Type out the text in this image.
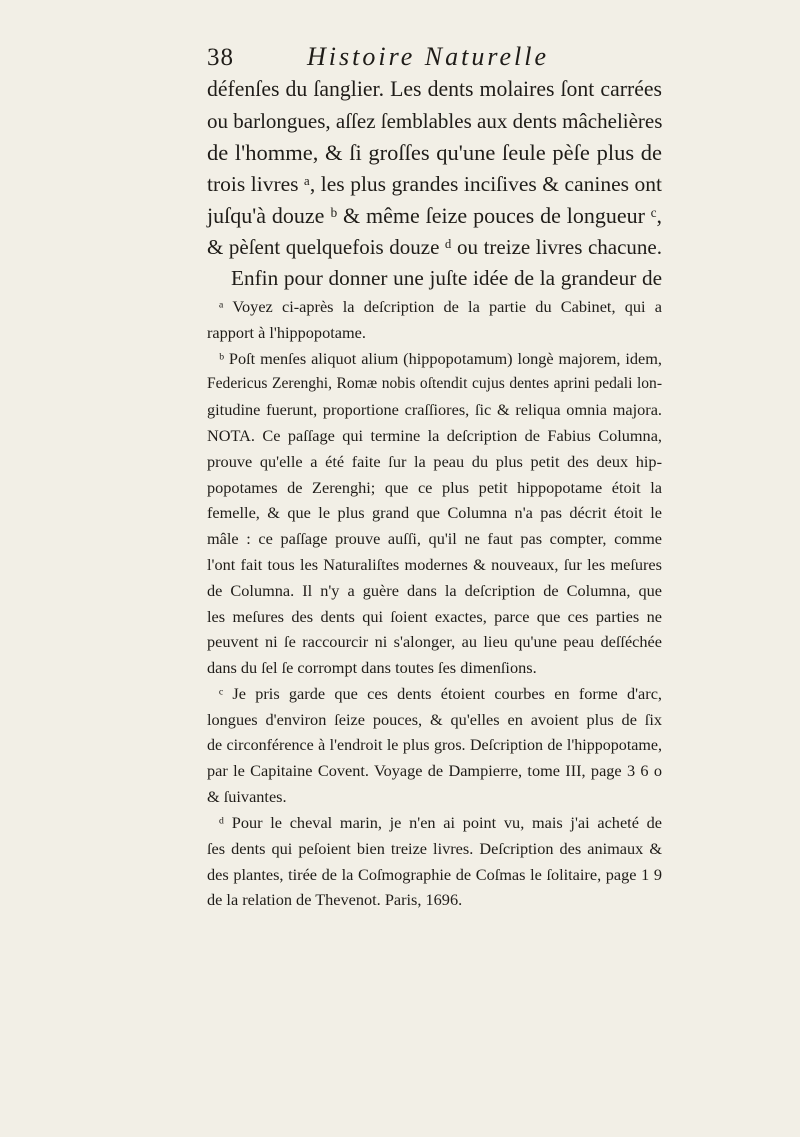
38	Histoire Naturelle
défenſes du ſanglier. Les dents molaires ſont carrées
ou barlongues, aſſez ſemblables aux dents mâchelières
de l'homme, & ſi groſſes qu'une ſeule pèſe plus de
trois livres ᵃ, les plus grandes inciſives & canines ont
juſqu'à douze ᵇ & même ſeize pouces de longueur ᶜ,
& pèſent quelquefois douze ᵈ ou treize livres chacune.
Enfin pour donner une juſte idée de la grandeur de
ᵃ Voyez ci-après la deſcription de la partie du Cabinet, qui a
rapport à l'hippopotame.
ᵇ Poſt menſes aliquot alium (hippopotamum) longè majorem, idem,
Federicus Zerenghi, Romæ nobis oſtendit cujus dentes aprini pedali lon-
gitudine fuerunt, proportione craſſiores, ſic & reliqua omnia majora.
NOTA. Ce paſſage qui termine la deſcription de Fabius Columna,
prouve qu'elle a été faite ſur la peau du plus petit des deux hip-
popotames de Zerenghi; que ce plus petit hippopotame étoit la
femelle, & que le plus grand que Columna n'a pas décrit étoit le
mâle : ce paſſage prouve auſſi, qu'il ne faut pas compter, comme
l'ont fait tous les Naturaliſtes modernes & nouveaux, ſur les meſures
de Columna. Il n'y a guère dans la deſcription de Columna, que
les meſures des dents qui ſoient exactes, parce que ces parties ne
peuvent ni ſe raccourcir ni s'alonger, au lieu qu'une peau deſſéchée
dans du ſel ſe corrompt dans toutes ſes dimenſions.
ᶜ Je pris garde que ces dents étoient courbes en forme d'arc,
longues d'environ ſeize pouces, & qu'elles en avoient plus de ſix
de circonférence à l'endroit le plus gros. Deſcription de l'hippopotame,
par le Capitaine Covent. Voyage de Dampierre, tome III, page 3 6 o
& ſuivantes.
ᵈ Pour le cheval marin, je n'en ai point vu, mais j'ai acheté de
ſes dents qui peſoient bien treize livres. Deſcription des animaux &
des plantes, tirée de la Coſmographie de Coſmas le ſolitaire, page 1 9
de la relation de Thevenot. Paris, 1696.
